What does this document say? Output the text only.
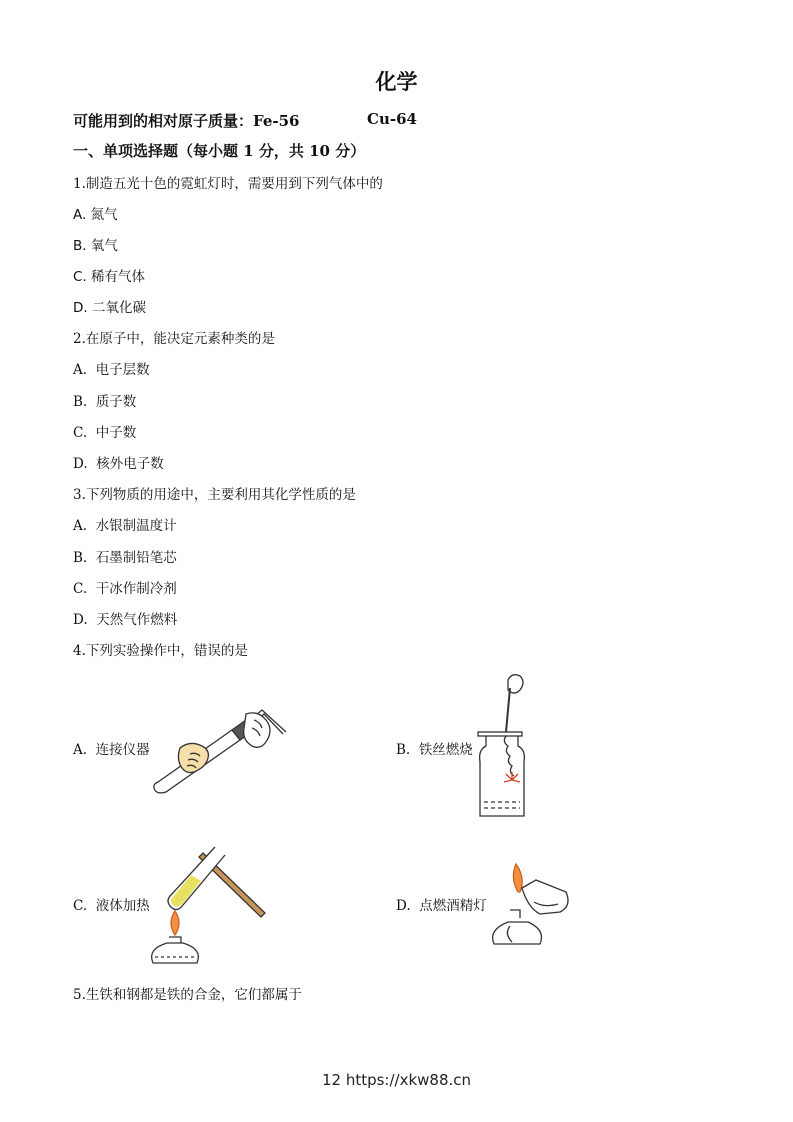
化学
可能用到的相对原子质量：Fe-56	Cu-64
一、单项选择题（每小题 1 分，共 10 分）
1.制造五光十色的霓虹灯时，需要用到下列气体中的
A. 氮气
B. 氧气
C. 稀有气体
D. 二氧化碳
2.在原子中，能决定元素种类的是
A. 电子层数
B. 质子数
C. 中子数
D. 核外电子数
3.下列物质的用途中，主要利用其化学性质的是
A. 水银制温度计
B. 石墨制铅笔芯
C. 干冰作制冷剂
D. 天然气作燃料
4.下列实验操作中，错误的是
A. 连接仪器	B. 铁丝燃烧
C. 液体加热	D. 点燃酒精灯
5.生铁和钢都是铁的合金，它们都属于
12 https://xkw88.cn
